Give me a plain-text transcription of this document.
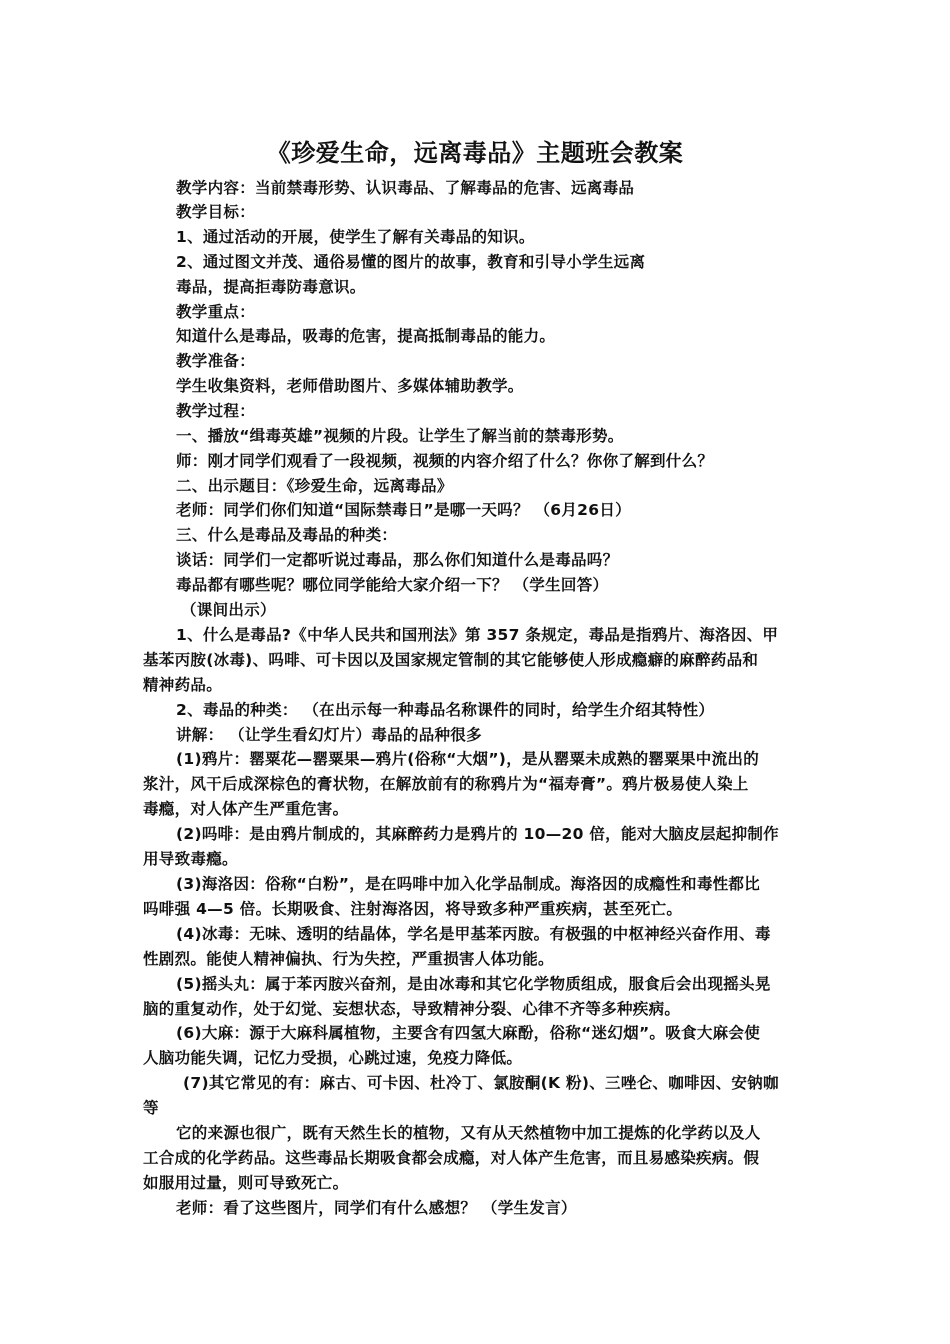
《珍爱生命，远离毒品》主题班会教案
教学内容：当前禁毒形势、认识毒品、了解毒品的危害、远离毒品
教学目标：
1、通过活动的开展，使学生了解有关毒品的知识。
2、通过图文并茂、通俗易懂的图片的故事，教育和引导小学生远离
毒品，提高拒毒防毒意识。
教学重点：
知道什么是毒品，吸毒的危害，提高抵制毒品的能力。
教学准备：
学生收集资料，老师借助图片、多媒体辅助教学。
教学过程：
一、播放“缉毒英雄”视频的片段。让学生了解当前的禁毒形势。
师：刚才同学们观看了一段视频，视频的内容介绍了什么？你你了解到什么？
二、出示题目：《珍爱生命，远离毒品》
老师：同学们你们知道“国际禁毒日”是哪一天吗？ （6月26日）
三、什么是毒品及毒品的种类：
谈话：同学们一定都听说过毒品，那么你们知道什么是毒品吗？
毒品都有哪些呢？哪位同学能给大家介绍一下？ （学生回答）
（课间出示）
1、什么是毒品?《中华人民共和国刑法》第 357 条规定，毒品是指鸦片、海洛因、甲
基苯丙胺(冰毒)、吗啡、可卡因以及国家规定管制的其它能够使人形成瘾癖的麻醉药品和
精神药品。
2、毒品的种类： （在出示每一种毒品名称课件的同时，给学生介绍其特性）
讲解： （让学生看幻灯片）毒品的品种很多
(1)鸦片：罂粟花—罂粟果—鸦片(俗称“大烟”)，是从罂粟未成熟的罂粟果中流出的
浆汁，风干后成深棕色的膏状物，在解放前有的称鸦片为“福寿膏”。鸦片极易使人染上
毒瘾，对人体产生严重危害。
(2)吗啡：是由鸦片制成的，其麻醉药力是鸦片的 10—20 倍，能对大脑皮层起抑制作
用导致毒瘾。
(3)海洛因：俗称“白粉”，是在吗啡中加入化学品制成。海洛因的成瘾性和毒性都比
吗啡强 4—5 倍。长期吸食、注射海洛因，将导致多种严重疾病，甚至死亡。
(4)冰毒：无味、透明的结晶体，学名是甲基苯丙胺。有极强的中枢神经兴奋作用、毒
性剧烈。能使人精神偏执、行为失控，严重损害人体功能。
(5)摇头丸：属于苯丙胺兴奋剂，是由冰毒和其它化学物质组成，服食后会出现摇头晃
脑的重复动作，处于幻觉、妄想状态，导致精神分裂、心律不齐等多种疾病。
(6)大麻：源于大麻科属植物，主要含有四氢大麻酚，俗称“迷幻烟”。吸食大麻会使
人脑功能失调，记忆力受损，心跳过速，免疫力降低。
(7)其它常见的有：麻古、可卡因、杜冷丁、氯胺酮(K 粉)、三唑仑、咖啡因、安钠咖
等
它的来源也很广，既有天然生长的植物，又有从天然植物中加工提炼的化学药以及人
工合成的化学药品。这些毒品长期吸食都会成瘾，对人体产生危害，而且易感染疾病。假
如服用过量，则可导致死亡。
老师：看了这些图片，同学们有什么感想？ （学生发言）
